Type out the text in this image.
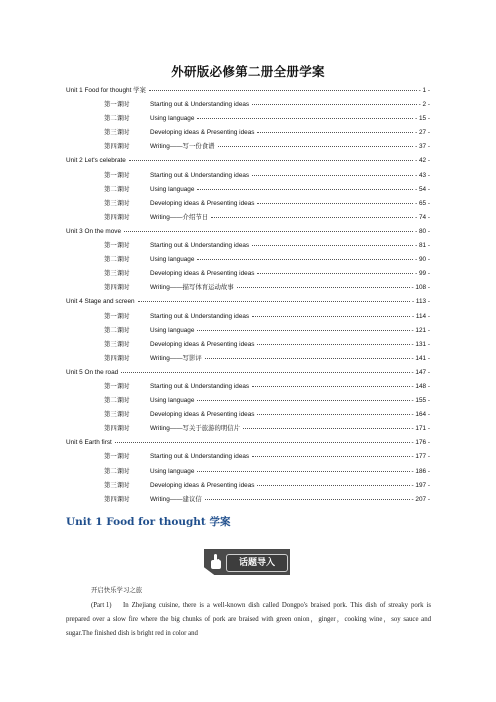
外研版必修第二册全册学案
Unit 1 Food for thought 学案	- 1 -
第一课时	Starting out & Understanding ideas	- 2 -
第二课时	Using language	- 15 -
第三课时	Developing ideas & Presenting ideas	- 27 -
第四课时	Writing——写一份食谱	- 37 -
Unit 2 Let's celebrate	- 42 -
第一课时	Starting out & Understanding ideas	- 43 -
第二课时	Using language	- 54 -
第三课时	Developing ideas & Presenting ideas	- 65 -
第四课时	Writing——介绍节日	- 74 -
Unit 3 On the move	- 80 -
第一课时	Starting out & Understanding ideas	- 81 -
第二课时	Using language	- 90 -
第三课时	Developing ideas & Presenting ideas	- 99 -
第四课时	Writing——描写体育运动故事	- 108 -
Unit 4 Stage and screen	- 113 -
第一课时	Starting out & Understanding ideas	- 114 -
第二课时	Using language	- 121 -
第三课时	Developing ideas & Presenting ideas	- 131 -
第四课时	Writing——写影评	- 141 -
Unit 5 On the road	- 147 -
第一课时	Starting out & Understanding ideas	- 148 -
第二课时	Using language	- 155 -
第三课时	Developing ideas & Presenting ideas	- 164 -
第四课时	Writing——写关于旅游的明信片	- 171 -
Unit 6 Earth first	- 176 -
第一课时	Starting out & Understanding ideas	- 177 -
第二课时	Using language	- 186 -
第三课时	Developing ideas & Presenting ideas	- 197 -
第四课时	Writing——建议信	- 207 -
Unit 1 Food for thought 学案
话题导入
开启快乐学习之旅
(Part 1) In Zhejiang cuisine, there is a well-known dish called Dongpo's braised pork. This dish of streaky pork is prepared over a slow fire where the big chunks of pork are braised with green onion，ginger，cooking wine，soy sauce and sugar.The finished dish is bright red in color and
